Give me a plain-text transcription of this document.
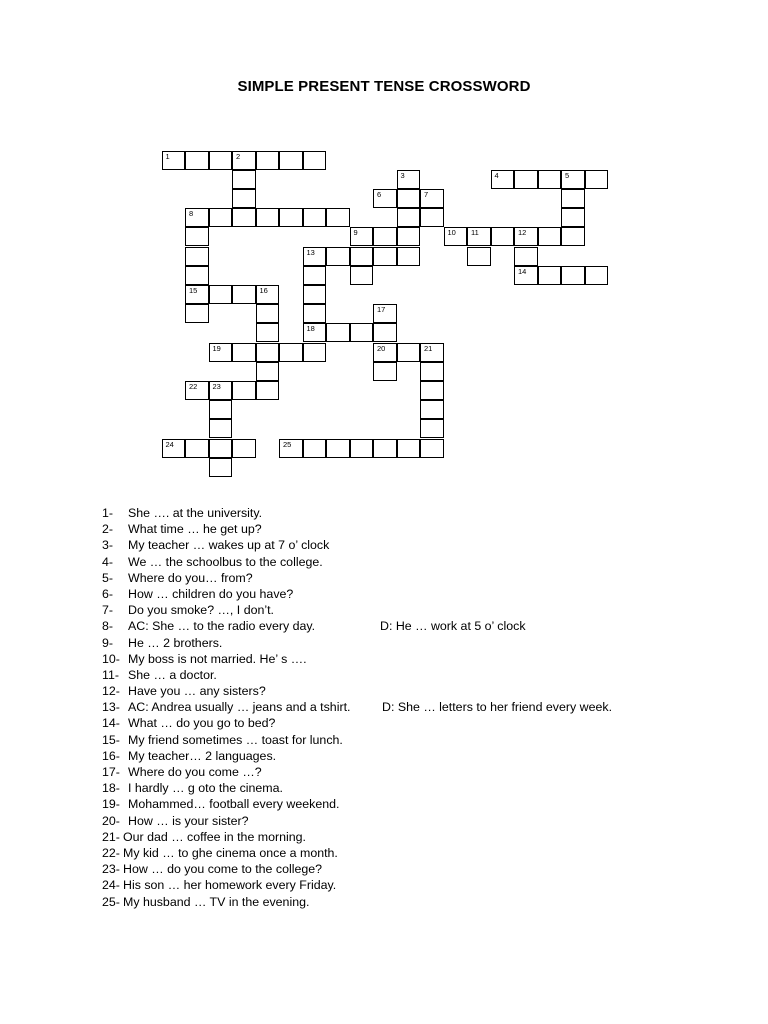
SIMPLE PRESENT TENSE CROSSWORD
1	2
3	4	5
6	7
8
9	10 11	12
13
14
15	16
17
18
19	20	21
22 23
24	25
1- She …. at the university.
2- What time … he get up?
3- My teacher … wakes up at 7 o’ clock
4- We … the schoolbus to the college.
5- Where do you… from?
6- How … children do you have?
7- Do you smoke? …, I don’t.
8- AC: She … to the radio every day.	D: He … work at 5 o’ clock
9- He … 2 brothers.
10- My boss is not married. He’ s ….
11- She … a doctor.
12- Have you … any sisters?
13- AC: Andrea usually … jeans and a tshirt.	D: She … letters to her friend every week.
14- What … do you go to bed?
15- My friend sometimes … toast for lunch.
16- My teacher… 2 languages.
17- Where do you come …?
18- I hardly … g oto the cinema.
19- Mohammed… football every weekend.
20- How … is your sister?
21- Our dad … coffee in the morning.
22- My kid … to ghe cinema once a month.
23- How … do you come to the college?
24- His son … her homework every Friday.
25- My husband … TV in the evening.
